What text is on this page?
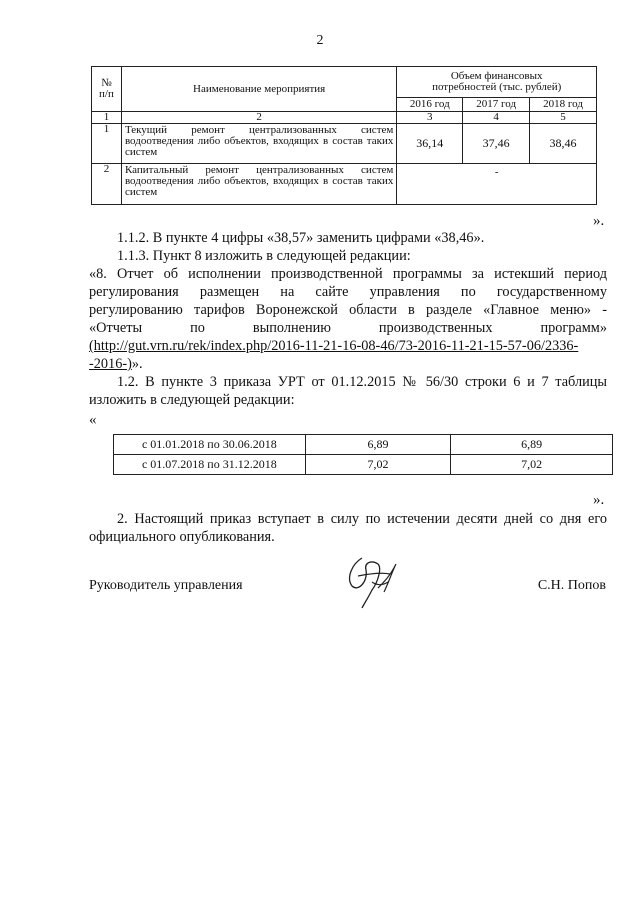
2
№
п/п	Наименование мероприятия	Объем финансовых
потребностей (тыс. рублей)		
		2016 год	2017 год	2018 год
1	2	3	4	5
1	Текущий ремонт централизованных систем водоотведения либо объектов, входящих в состав таких систем	36,14	37,46	38,46
2	Капитальный ремонт централизованных систем водоотведения либо объектов, входящих в состав таких систем	-		
».

1.1.2. В пункте 4 цифры «38,57» заменить цифрами «38,46».

1.1.3. Пункт 8 изложить в следующей редакции:

«8. Отчет об исполнении производственной программы за истекший период

регулирования размещен на сайте управления по государственному

регулированию тарифов Воронежской области в разделе «Главное меню» -

«Отчеты по выполнению производственных программ»

(http://gut.vrn.ru/rek/index.php/2016-11-21-16-08-46/73-2016-11-21-15-57-06/2336-

-2016-)».

1.2. В пункте 3 приказа УРТ от 01.12.2015 № 56/30 строки 6 и 7 таблицы

изложить в следующей редакции:

«
с 01.01.2018 по 30.06.2018	6,89	6,89
с 01.07.2018 по 31.12.2018	7,02	7,02
».

2. Настоящий приказ вступает в силу по истечении десяти дней со дня его

официального опубликования.

Руководитель управления	С.Н. Попов
